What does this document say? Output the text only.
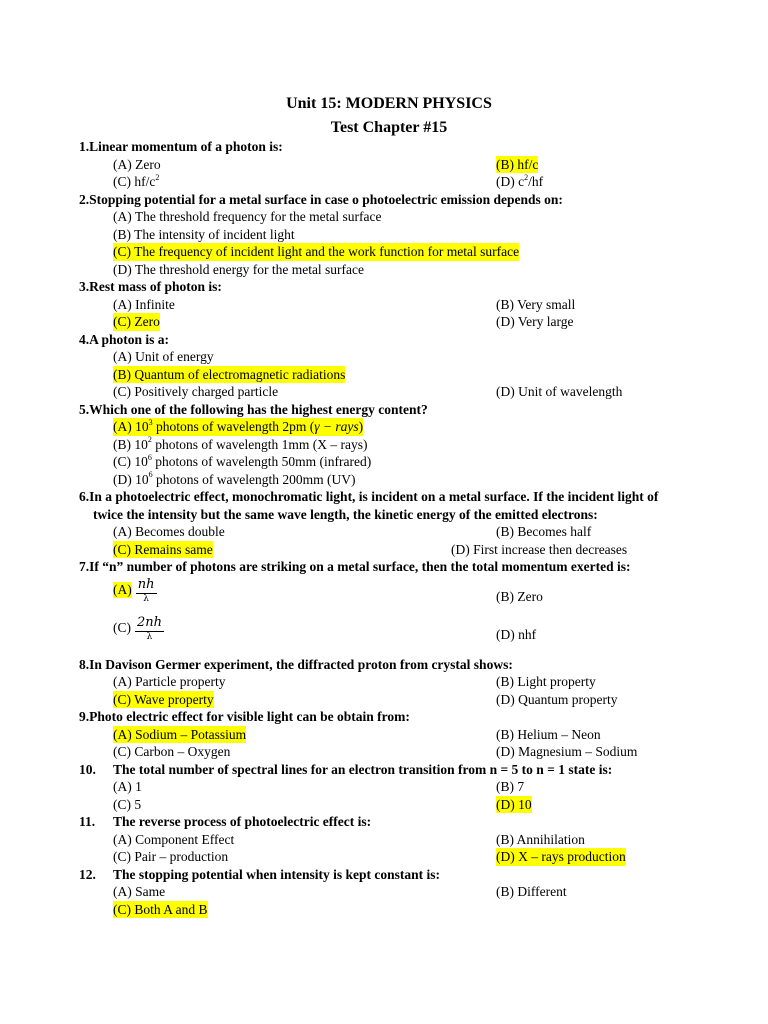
Unit 15: MODERN PHYSICS
Test Chapter #15
1.Linear momentum of a photon is:
(A) Zero	(B) hf/c
(C) $hf/c^2$	(D) $c^2/hf$
2.Stopping potential for a metal surface in case o photoelectric emission depends on:
(A) The threshold frequency for the metal surface
(B) The intensity of incident light
(C) The frequency of incident light and the work function for metal surface
(D) The threshold energy for the metal surface
3.Rest mass of photon is:
(A) Infinite	(B) Very small
(C) Zero	(D) Very large
4.A photon is a:
(A) Unit of energy
(B) Quantum of electromagnetic radiations
(C) Positively charged particle	(D) Unit of wavelength
5.Which one of the following has the highest energy content?
(A) $10^3$ photons of wavelength 2pm (γ − rays)
(B) $10^2$ photons of wavelength 1mm (X – rays)
(C) $10^6$ photons of wavelength 50mm (infrared)
(D) $10^6$ photons of wavelength 200mm (UV)
6.In a photoelectric effect, monochromatic light, is incident on a metal surface. If the incident light of
twice the intensity but the same wave length, the kinetic energy of the emitted electrons:
(A) Becomes double	(B) Becomes half
(C) Remains same	(D) First increase then decreases
7.If “n” number of photons are striking on a metal surface, then the total momentum exerted is:
$(A) \frac{nh}{\lambda}$	(B) Zero
$(C) \frac{2nh}{\lambda}$	(D) nhf
8.In Davison Germer experiment, the diffracted proton from crystal shows:
(A) Particle property	(B) Light property
(C) Wave property	(D) Quantum property
9.Photo electric effect for visible light can be obtain from:
(A) Sodium – Potassium	(B) Helium – Neon
(C) Carbon – Oxygen	(D) Magnesium – Sodium
10. The total number of spectral lines for an electron transition from n = 5 to n = 1 state is:
(A) 1	(B) 7
(C) 5	(D) 10
11. The reverse process of photoelectric effect is:
(A) Component Effect	(B) Annihilation
(C) Pair – production	(D) X – rays production
12. The stopping potential when intensity is kept constant is:
(A) Same	(B) Different
(C) Both A and B
